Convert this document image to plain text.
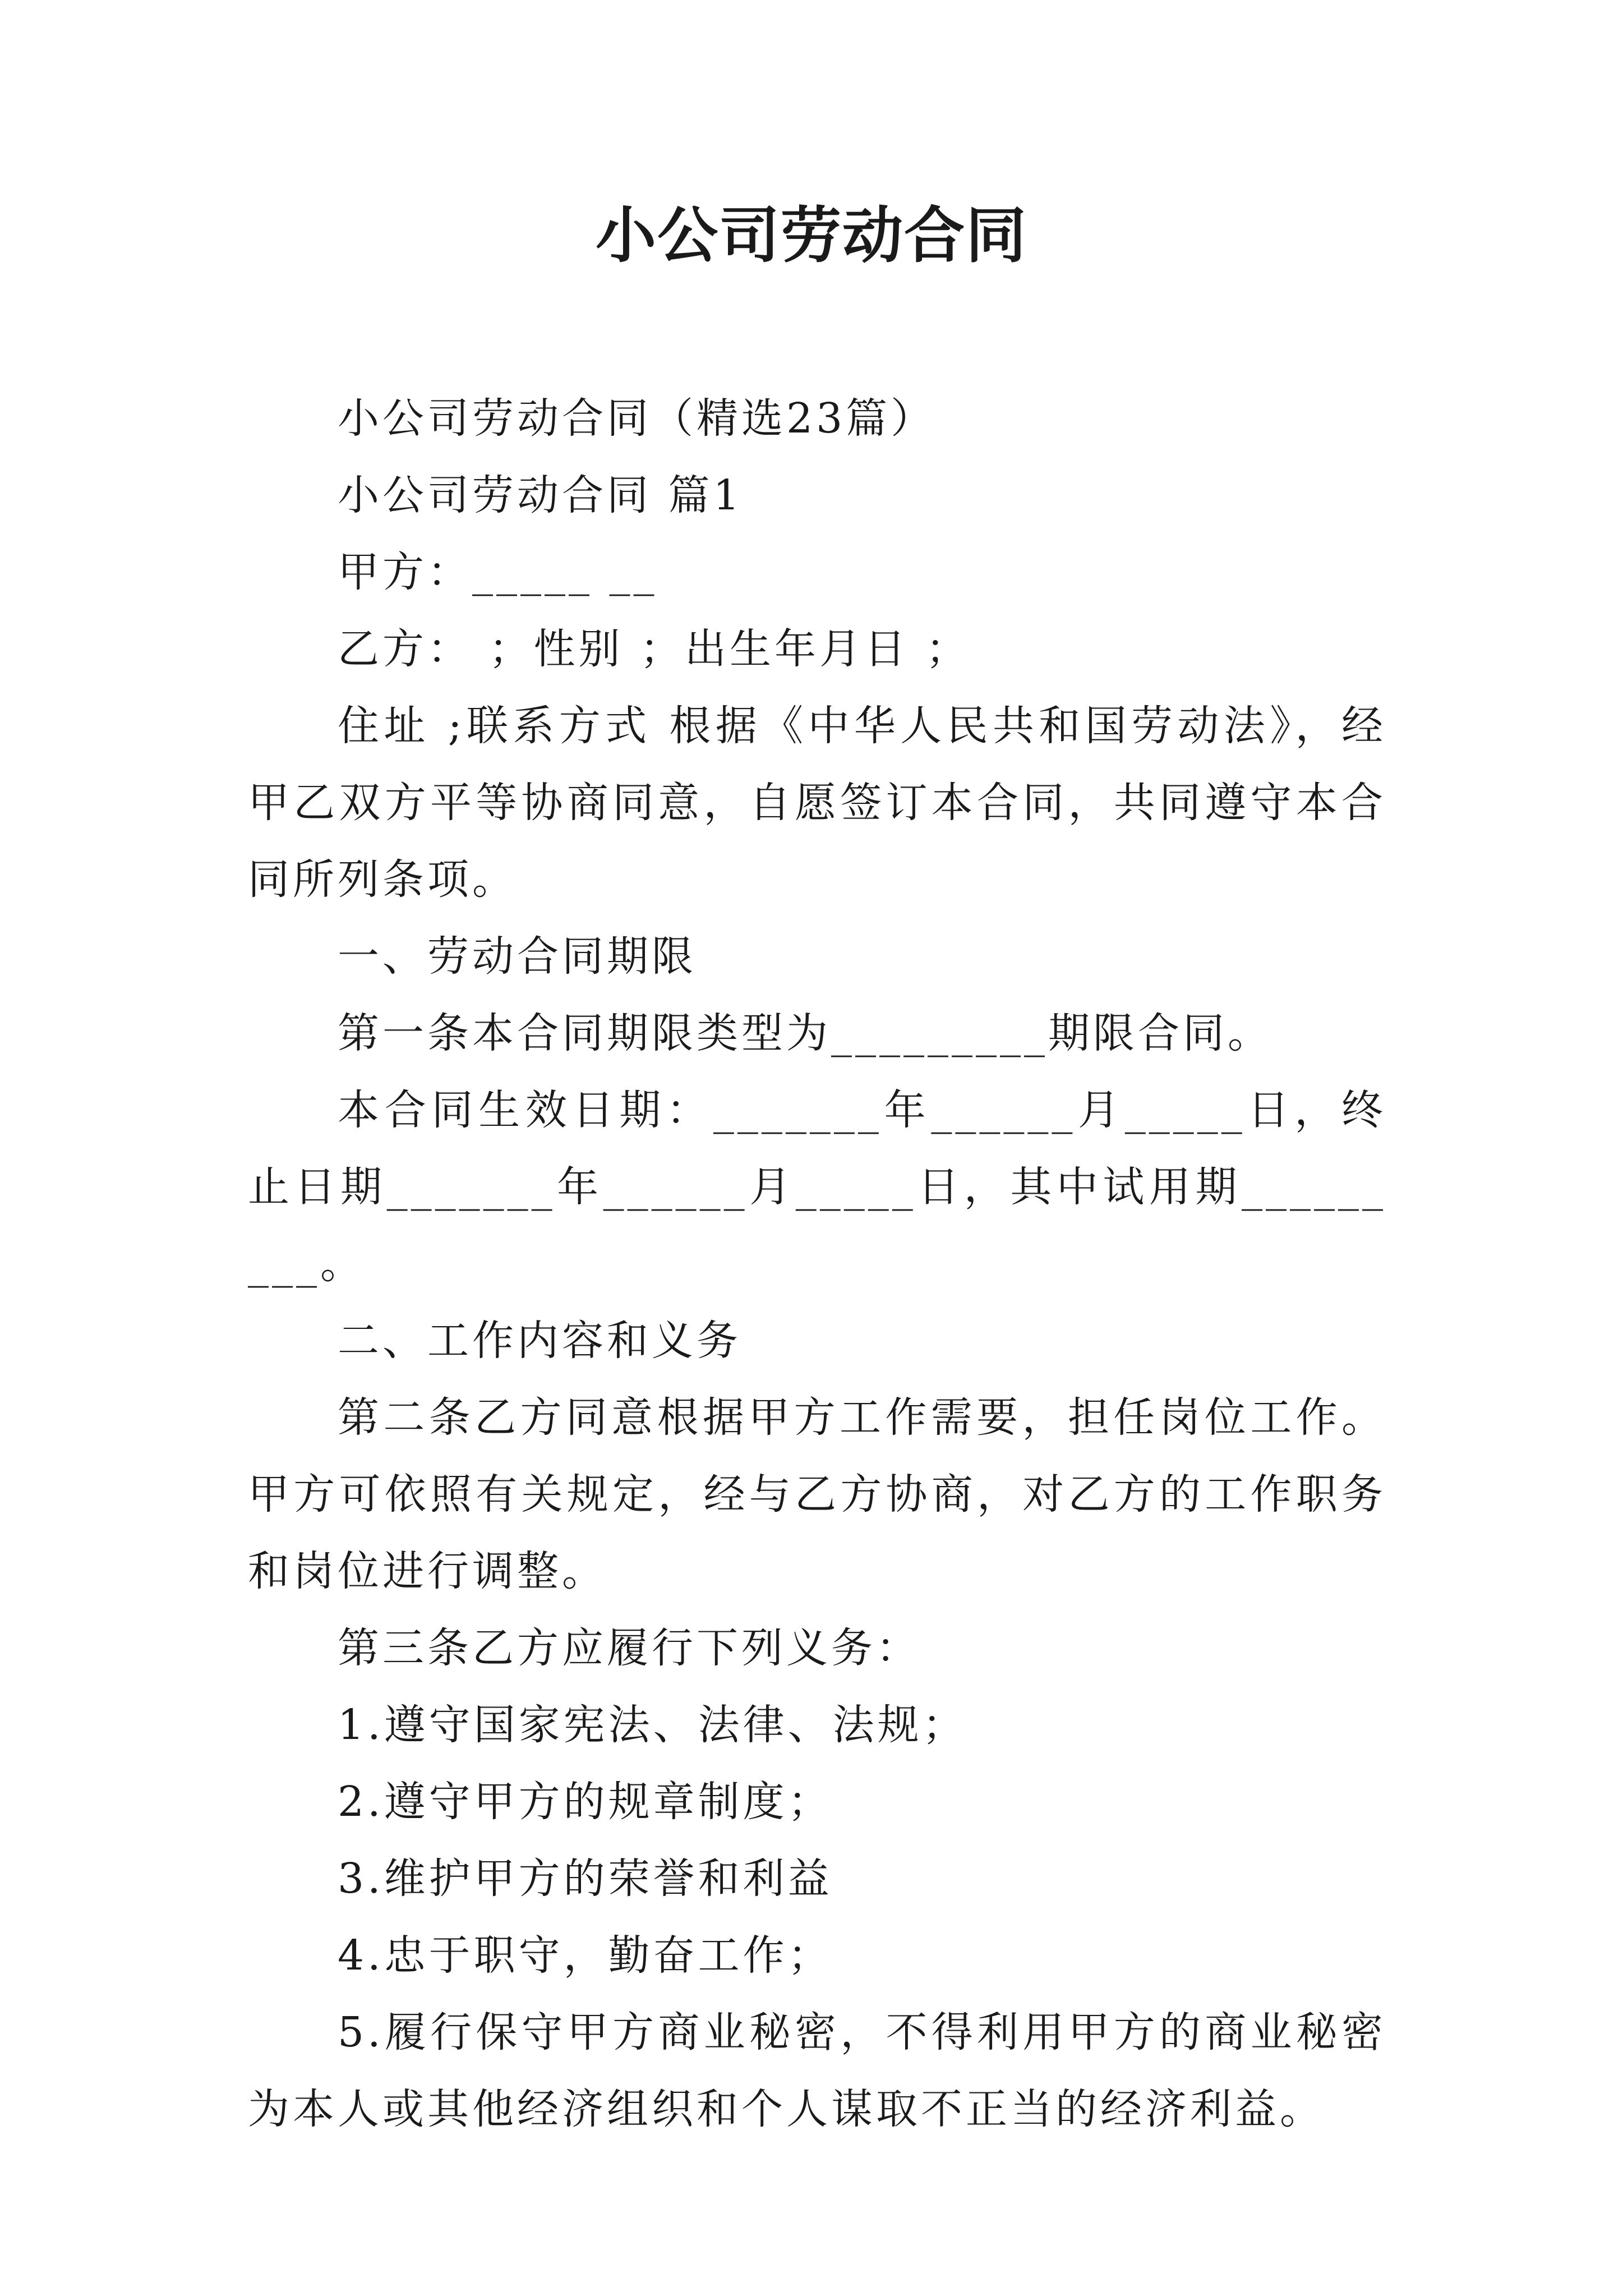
小公司劳动合同

小公司劳动合同（精选23篇）

小公司劳动合同 篇1

甲方：_____ __

乙方： ；性别 ；出生年月日 ；

住址 ;联系方式 根据《中华人民共和国劳动法》，经甲乙双方平等协商同意，自愿签订本合同，共同遵守本合同所列条项。

一、劳动合同期限

第一条本合同期限类型为_________期限合同。

本合同生效日期：_______年______月_____日，终止日期_______年______月_____日，其中试用期_________。

二、工作内容和义务

第二条乙方同意根据甲方工作需要，担任岗位工作。甲方可依照有关规定，经与乙方协商，对乙方的工作职务和岗位进行调整。

第三条乙方应履行下列义务：

1.遵守国家宪法、法律、法规；

2.遵守甲方的规章制度；

3.维护甲方的荣誉和利益

4.忠于职守，勤奋工作；

5.履行保守甲方商业秘密，不得利用甲方的商业秘密为本人或其他经济组织和个人谋取不正当的经济利益。
